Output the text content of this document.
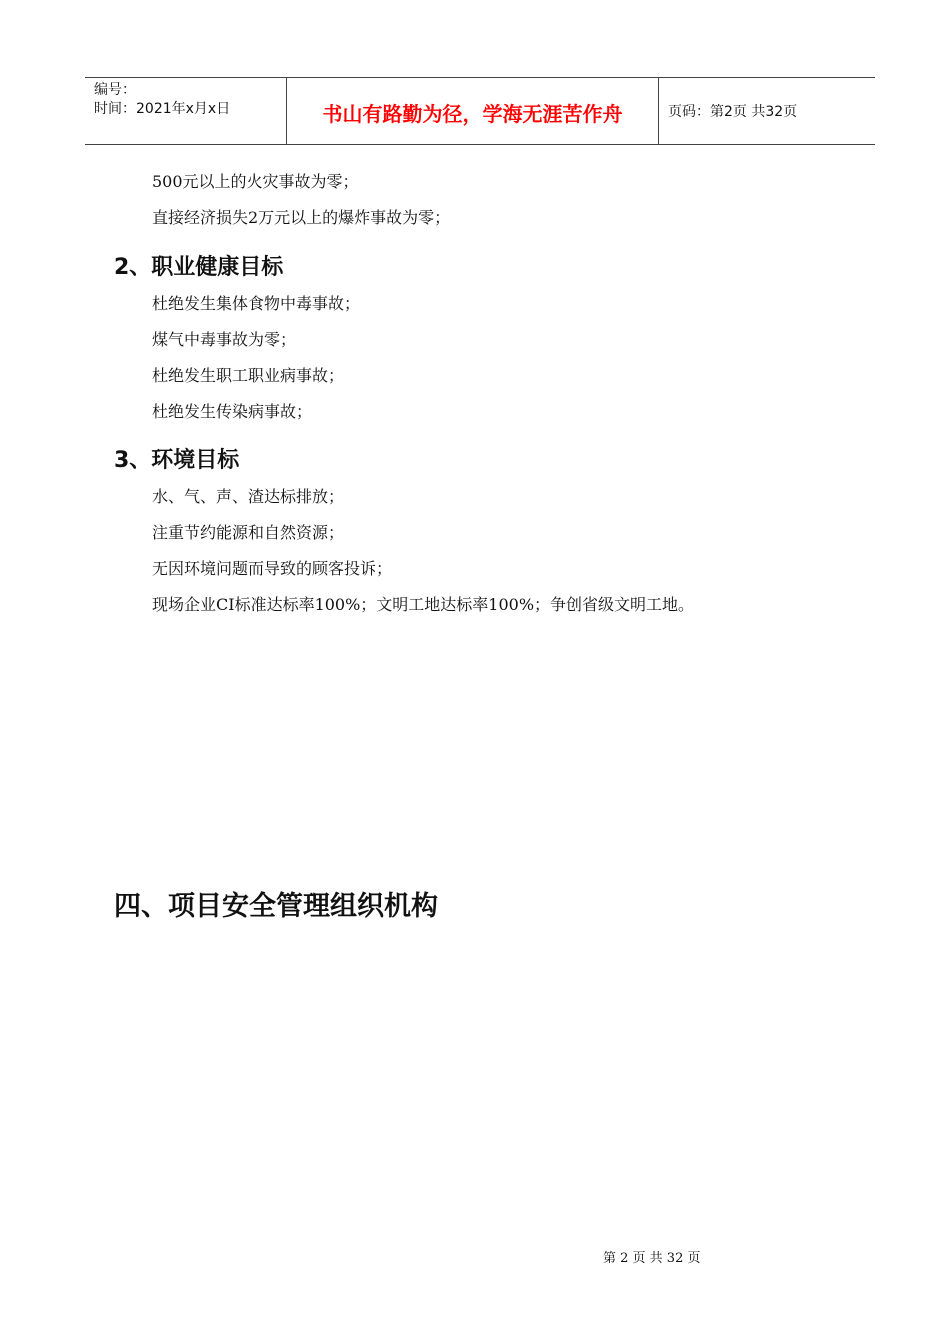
编号：
时间：2021年x月x日	书山有路勤为径，学海无涯苦作舟	页码：第2页 共32页
500元以上的火灾事故为零；
直接经济损失2万元以上的爆炸事故为零；
2、职业健康目标
杜绝发生集体食物中毒事故；
煤气中毒事故为零；
杜绝发生职工职业病事故；
杜绝发生传染病事故；
3、环境目标
水、气、声、渣达标排放；
注重节约能源和自然资源；
无因环境问题而导致的顾客投诉；
现场企业CI标准达标率100%；文明工地达标率100%；争创省级文明工地。
四、项目安全管理组织机构
第 2 页 共 32 页
